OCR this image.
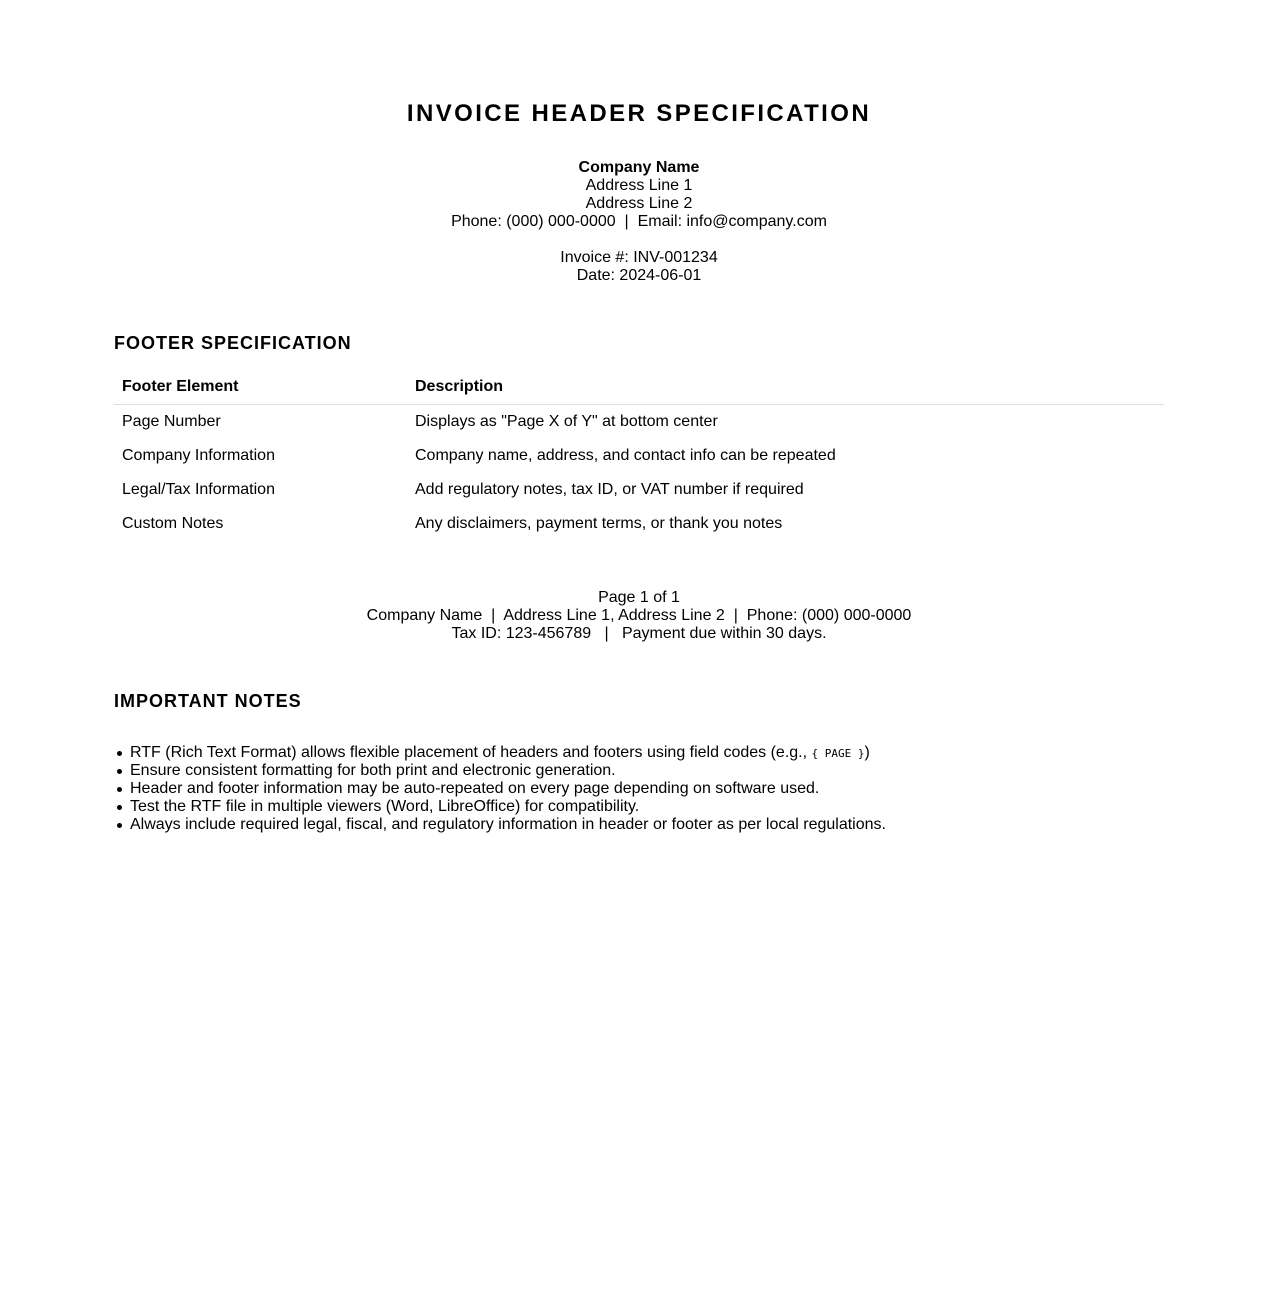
INVOICE HEADER SPECIFICATION
Company Name
Address Line 1
Address Line 2
Phone: (000) 000-0000  |  Email: info@company.com
Invoice #: INV-001234
Date: 2024-06-01
FOOTER SPECIFICATION
Footer Element	Description
Page Number	Displays as "Page X of Y" at bottom center
Company Information	Company name, address, and contact info can be repeated
Legal/Tax Information	Add regulatory notes, tax ID, or VAT number if required
Custom Notes	Any disclaimers, payment terms, or thank you notes
Page 1 of 1
Company Name  |  Address Line 1, Address Line 2  |  Phone: (000) 000-0000
Tax ID: 123-456789   |   Payment due within 30 days.
IMPORTANT NOTES
RTF (Rich Text Format) allows flexible placement of headers and footers using field codes (e.g., { PAGE })
Ensure consistent formatting for both print and electronic generation.
Header and footer information may be auto-repeated on every page depending on software used.
Test the RTF file in multiple viewers (Word, LibreOffice) for compatibility.
Always include required legal, fiscal, and regulatory information in header or footer as per local regulations.
